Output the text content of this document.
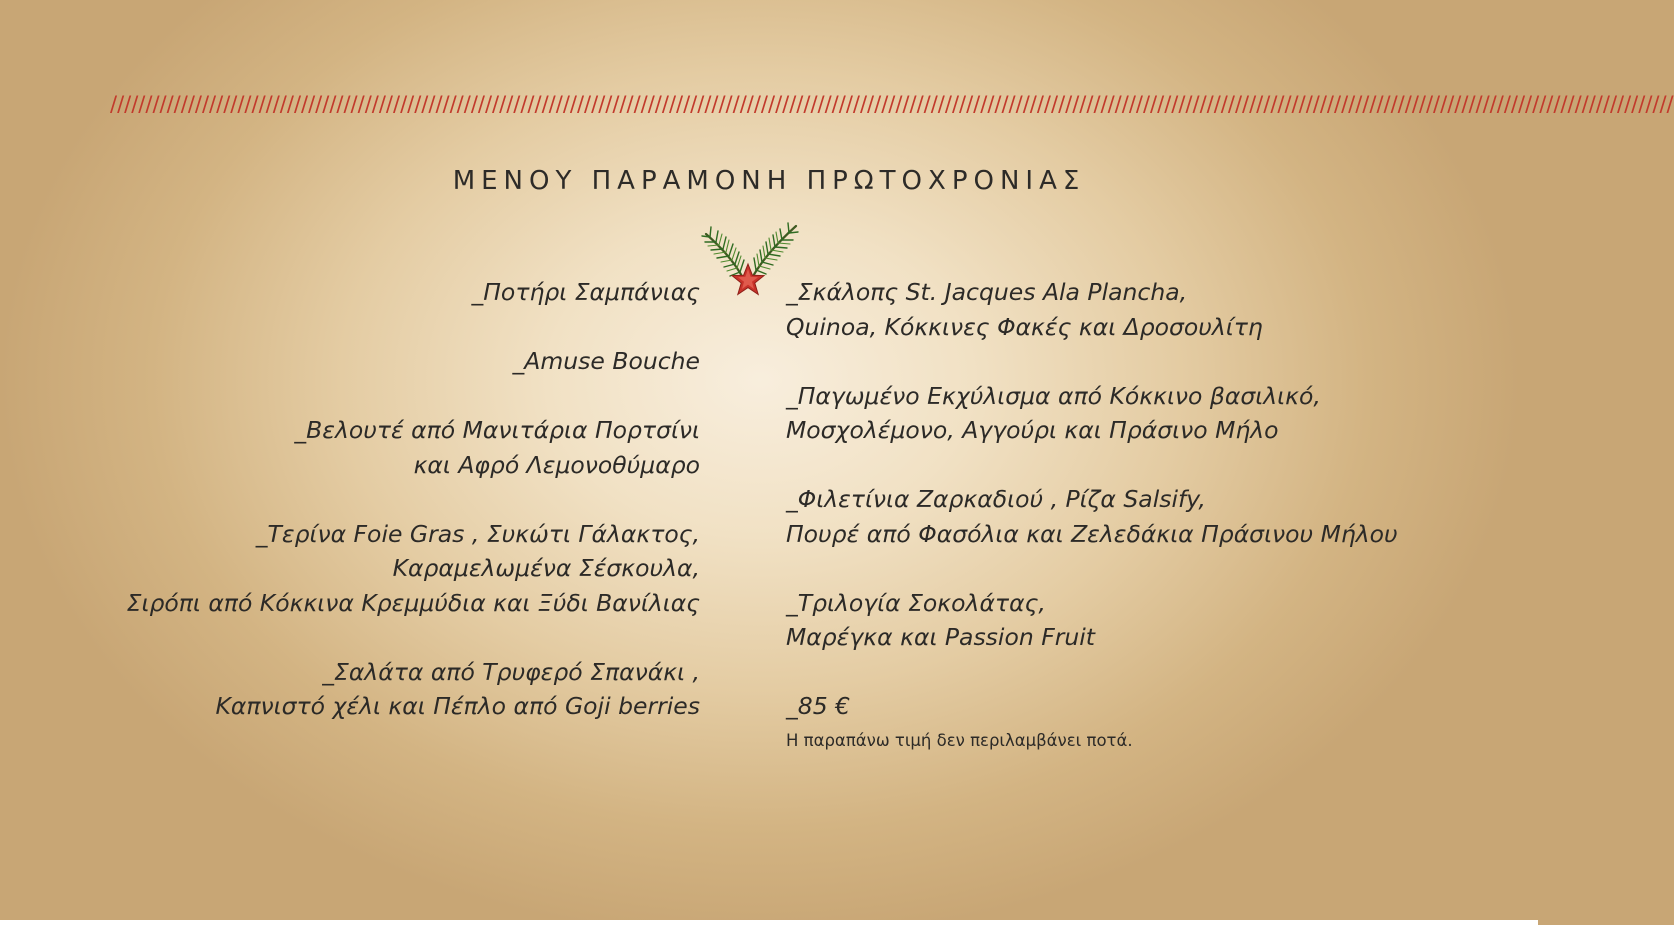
/////////////////////////////////////////////////////////////////////////////////////////////////////////////////////////////////////////////////////////////////////////////////////////////////////////////////////////////
ΜΕΝΟΥ ΠΑΡΑΜΟΝΗ ΠΡΩΤΟΧΡΟΝΙΑΣ
_Ποτήρι Σαμπάνιας
_Amuse Bouche
_Βελουτέ από Μανιτάρια Πορτσίνι
και Αφρό Λεμονοθύμαρο
_Τερίνα Foie Gras , Συκώτι Γάλακτος,
Καραμελωμένα Σέσκουλα,
Σιρόπι από Κόκκινα Κρεμμύδια και Ξύδι Βανίλιας
_Σαλάτα από Τρυφερό Σπανάκι ,
Καπνιστό χέλι και Πέπλο από Goji berries
_Σκάλοπς St. Jacques Ala Plancha,
Quinoa, Κόκκινες Φακές και Δροσουλίτη
_Παγωμένο Εκχύλισμα από Κόκκινο βασιλικό,
Μοσχολέμονο, Αγγούρι και Πράσινο Μήλο
_Φιλετίνια Ζαρκαδιού , Ρίζα Salsify,
Πουρέ από Φασόλια και Ζελεδάκια Πράσινου Μήλου
_Τριλογία Σοκολάτας,
Μαρέγκα και Passion Fruit
_85 €
Η παραπάνω τιμή δεν περιλαμβάνει ποτά.
